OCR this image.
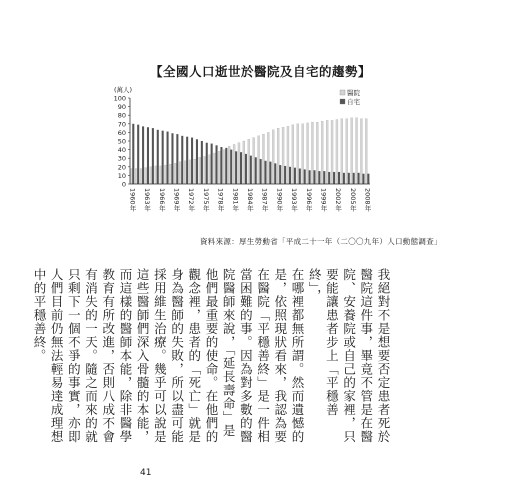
【全國人口逝世於醫院及自宅的趨勢】
0
10
20
30
40
50
60
70
80
90
100
(萬人)
1960年 1963年 1966年 1969年 1972年 1975年 1978年 1981年 1984年 1987年 1990年 1993年 1996年 1999年 2002年 2005年 2008年
醫院
自宅
資料來源：厚生勞動省「平成二十一年（二〇〇九年）人口動態調查」

我絕對不是想要否定患者死於醫院這件事，畢竟不管是在醫院、安養院或自己的家裡，只要能讓患者步上「平穩善終」，

在哪裡都無所謂。然而遺憾的是，依照現狀看來，我認為要在醫院「平穩善終」是一件相當困難的事。因為對多數的醫院醫師來說，「延長壽命」是他們最重要的使命。在他們的觀念裡，患者的「死亡」就是身為醫師的失敗，所以盡可能採用維生治療。幾乎可以說是這些醫師們深入骨髓的本能，而這樣的醫師本能，除非醫學教育有所改進，否則八成不會有消失的一天。隨之而來的就只剩下一個不爭的事實，亦即人們目前仍無法輕易達成理想中的平穩善終。

41
